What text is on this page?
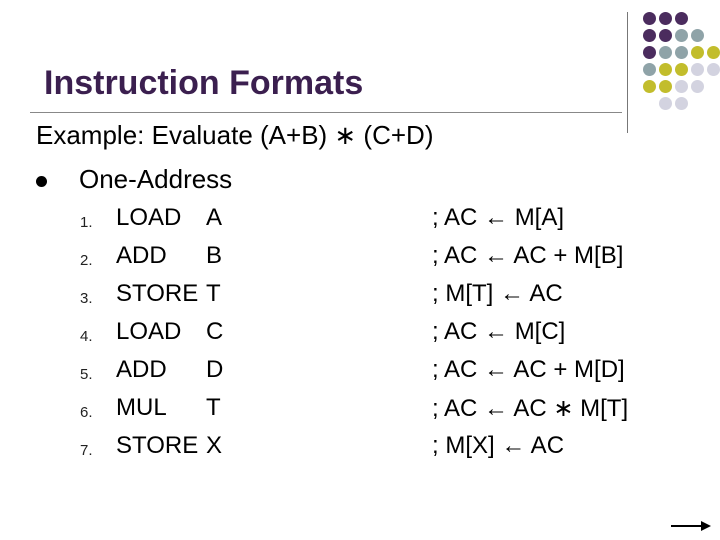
Instruction Formats
Example: Evaluate (A+B) ∗ (C+D)
One-Address
1. LOAD	A	; AC ← M[A]
2. ADD	B	; AC ← AC + M[B]
3. STORE T	; M[T] ← AC
4. LOAD	C	; AC ← M[C]
5. ADD	D	; AC ← AC + M[D]
6. MUL	T	; AC ← AC ∗ M[T]
7. STORE X	; M[X] ← AC
